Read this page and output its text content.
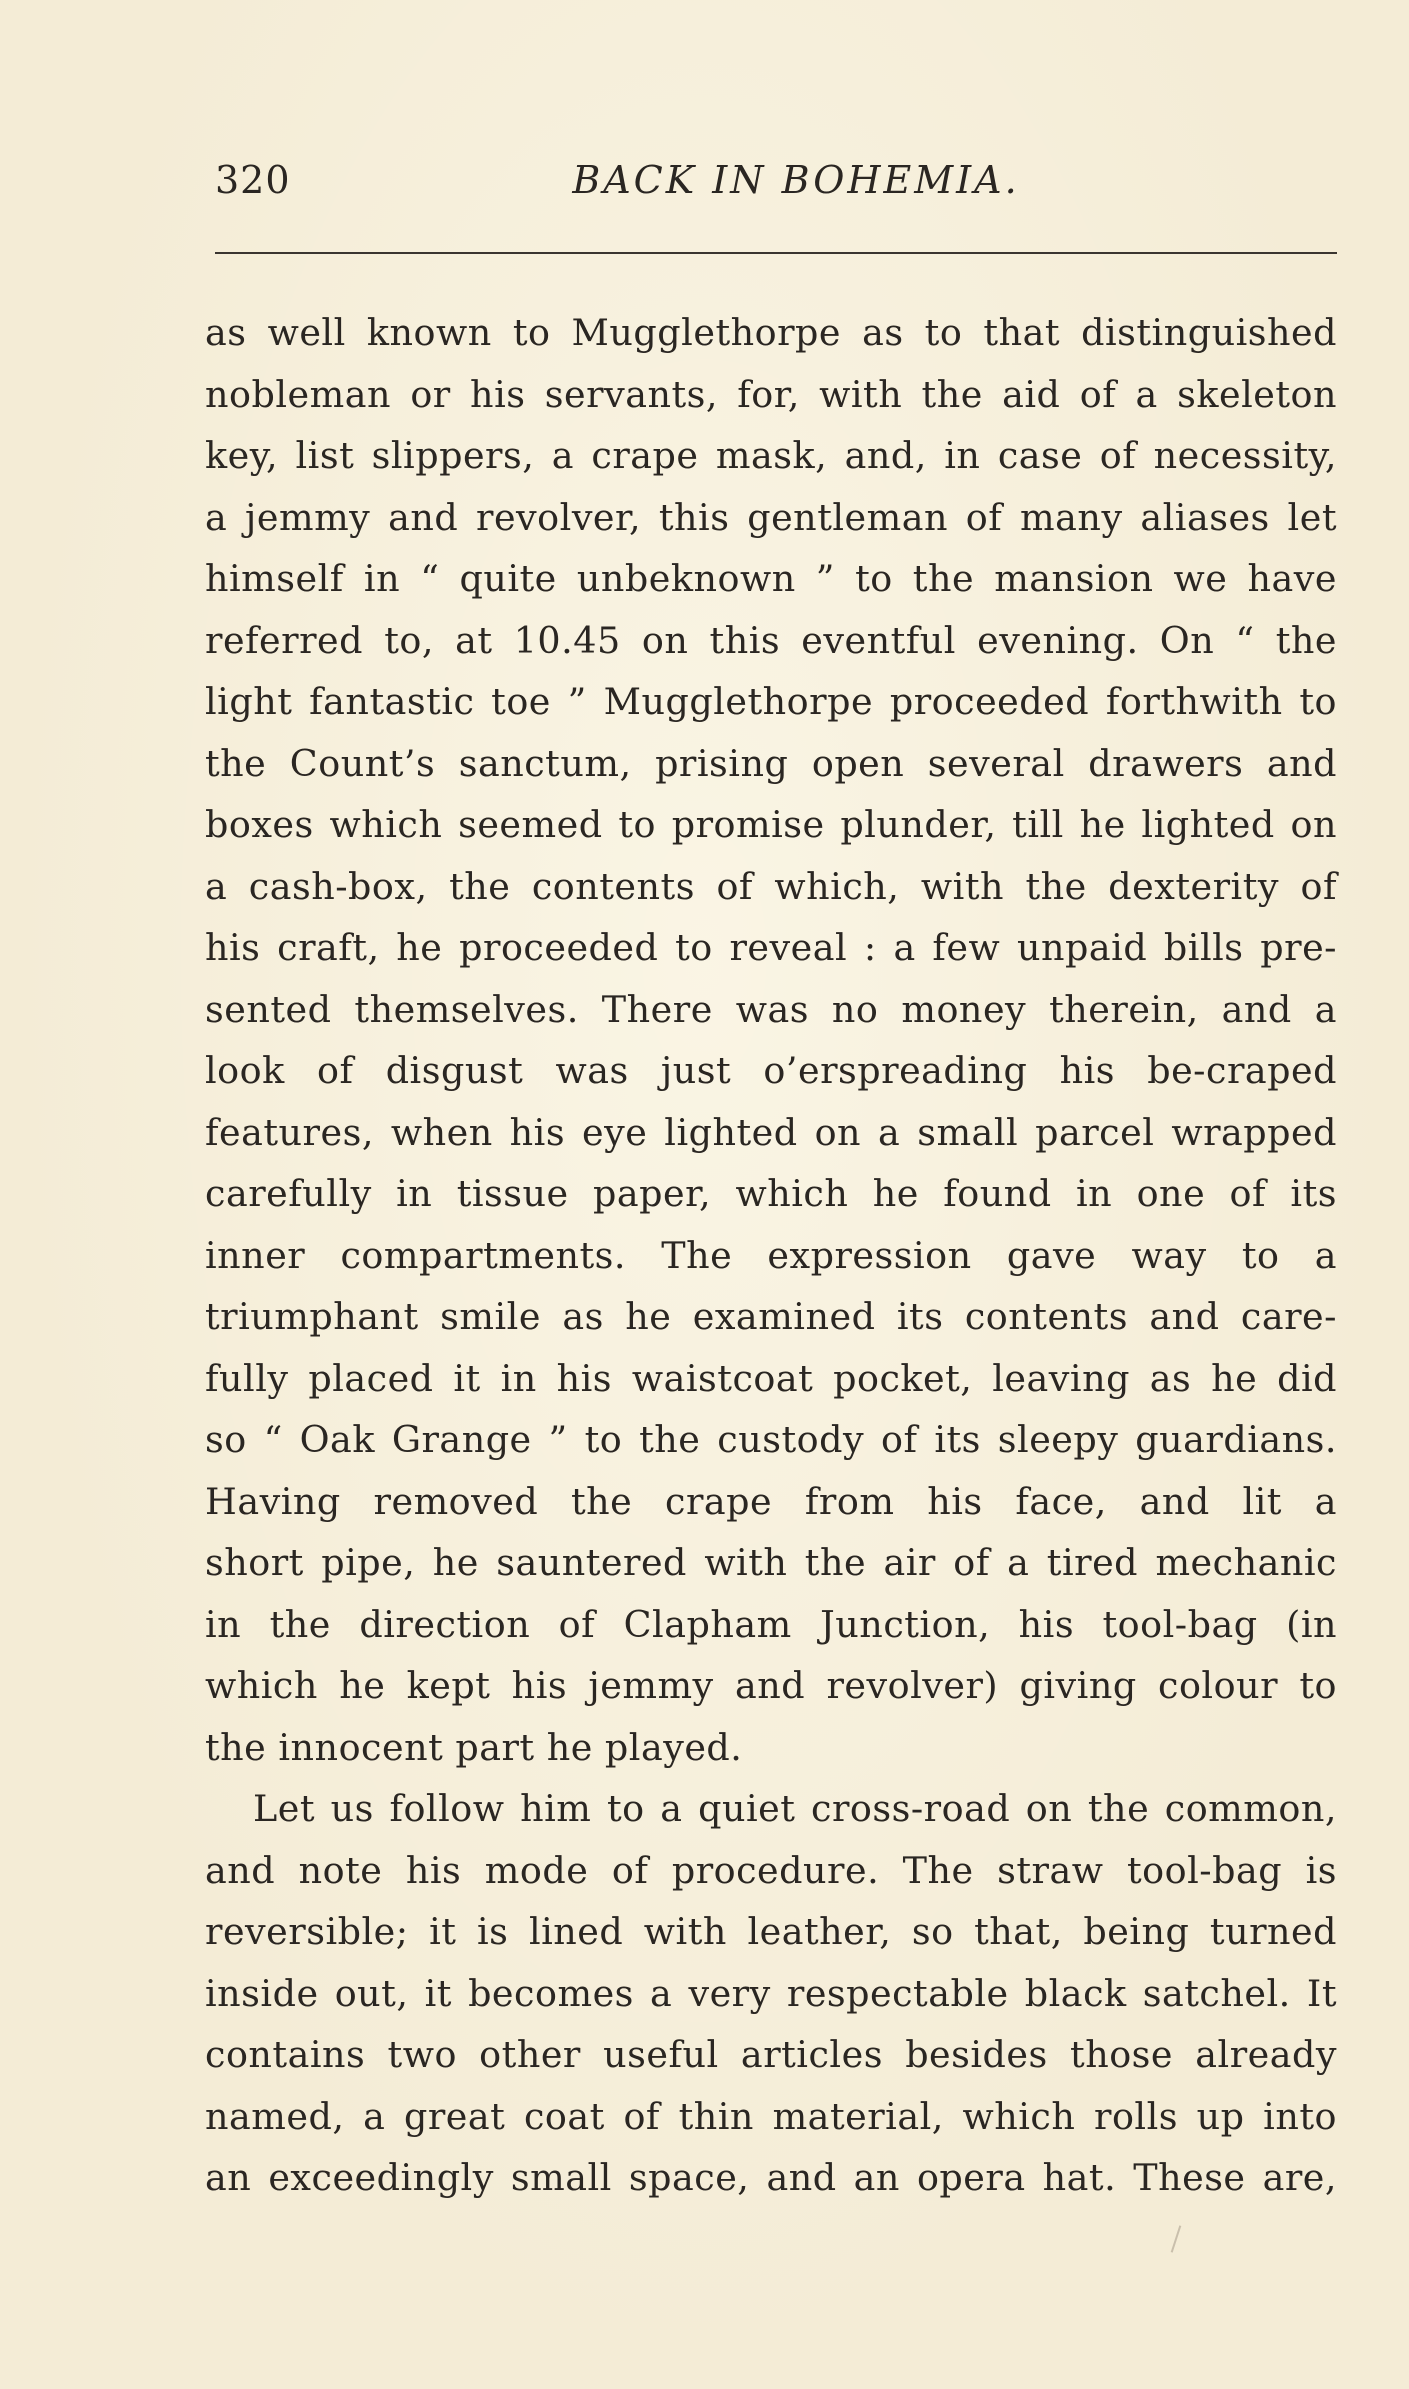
320	BACK IN BOHEMIA.
as well known to Mugglethorpe as to that distinguished
nobleman or his servants, for, with the aid of a skeleton
key, list slippers, a crape mask, and, in case of necessity,
a jemmy and revolver, this gentleman of many aliases let
himself in “ quite unbeknown ” to the mansion we have
referred to, at 10.45 on this eventful evening. On “ the
light fantastic toe ” Mugglethorpe proceeded forthwith to
the Count’s sanctum, prising open several drawers and
boxes which seemed to promise plunder, till he lighted on
a cash-box, the contents of which, with the dexterity of
his craft, he proceeded to reveal : a few unpaid bills pre-
sented themselves. There was no money therein, and a
look of disgust was just o’erspreading his be-craped
features, when his eye lighted on a small parcel wrapped
carefully in tissue paper, which he found in one of its
inner compartments. The expression gave way to a
triumphant smile as he examined its contents and care-
fully placed it in his waistcoat pocket, leaving as he did
so “ Oak Grange ” to the custody of its sleepy guardians.
Having removed the crape from his face, and lit a
short pipe, he sauntered with the air of a tired mechanic
in the direction of Clapham Junction, his tool-bag (in
which he kept his jemmy and revolver) giving colour to
the innocent part he played.
Let us follow him to a quiet cross-road on the common,
and note his mode of procedure. The straw tool-bag is
reversible; it is lined with leather, so that, being turned
inside out, it becomes a very respectable black satchel. It
contains two other useful articles besides those already
named, a great coat of thin material, which rolls up into
an exceedingly small space, and an opera hat. These are,
